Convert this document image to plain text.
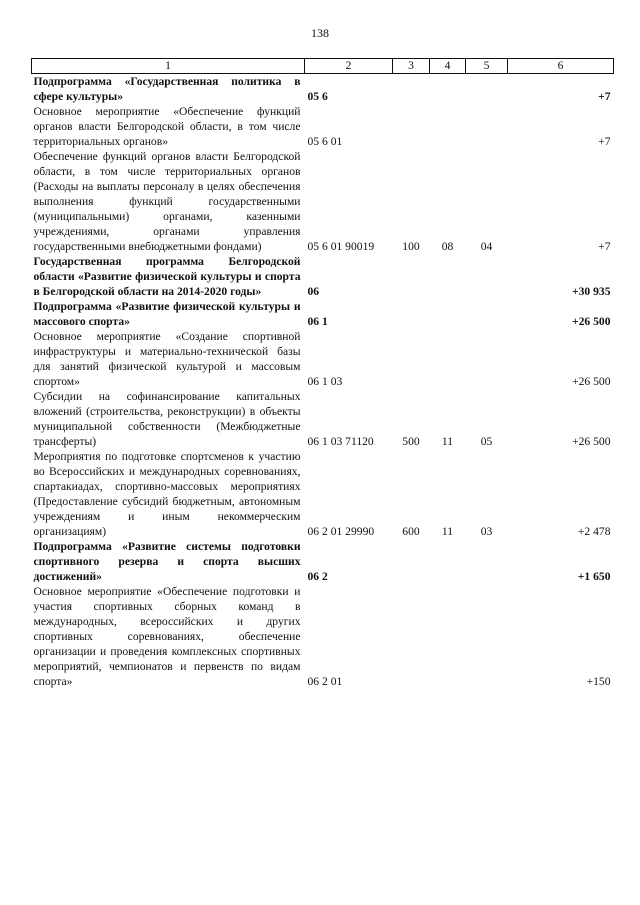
138
1	2	3	4	5	6
Подпрограмма «Государственная политика в сфере культуры»	05 6				+7
Основное мероприятие «Обеспечение функций органов власти Белгородской области, в том числе территориальных органов»	05 6 01				+7
Обеспечение функций органов власти Белгородской области, в том числе территориальных органов (Расходы на выплаты персоналу в целях обеспечения выполнения функций государственными (муниципальными) органами, казенными учреждениями, органами управления государственными внебюджетными фондами)	05 6 01 90019	100	08	04	+7
Государственная программа Белгородской области «Развитие физической культуры и спорта в Белгородской области на 2014-2020 годы»	06				+30 935
Подпрограмма «Развитие физической культуры и массового спорта»	06 1				+26 500
Основное мероприятие «Создание спортивной инфраструктуры и материально-технической базы для занятий физической культурой и массовым спортом»	06 1 03				+26 500
Субсидии на софинансирование капитальных вложений (строительства, реконструкции) в объекты муниципальной собственности (Межбюджетные трансферты)	06 1 03 71120	500	11	05	+26 500
Мероприятия по подготовке спортсменов к участию во Всероссийских и международных соревнованиях, спартакиадах, спортивно-массовых мероприятиях (Предоставление субсидий бюджетным, автономным учреждениям и иным некоммерческим организациям)	06 2 01 29990	600	11	03	+2 478
Подпрограмма «Развитие системы подготовки спортивного резерва и спорта высших достижений»	06 2				+1 650
Основное мероприятие «Обеспечение подготовки и участия спортивных сборных команд в международных, всероссийских и других спортивных соревнованиях, обеспечение организации и проведения комплексных спортивных мероприятий, чемпионатов и первенств по видам спорта»	06 2 01				+150
